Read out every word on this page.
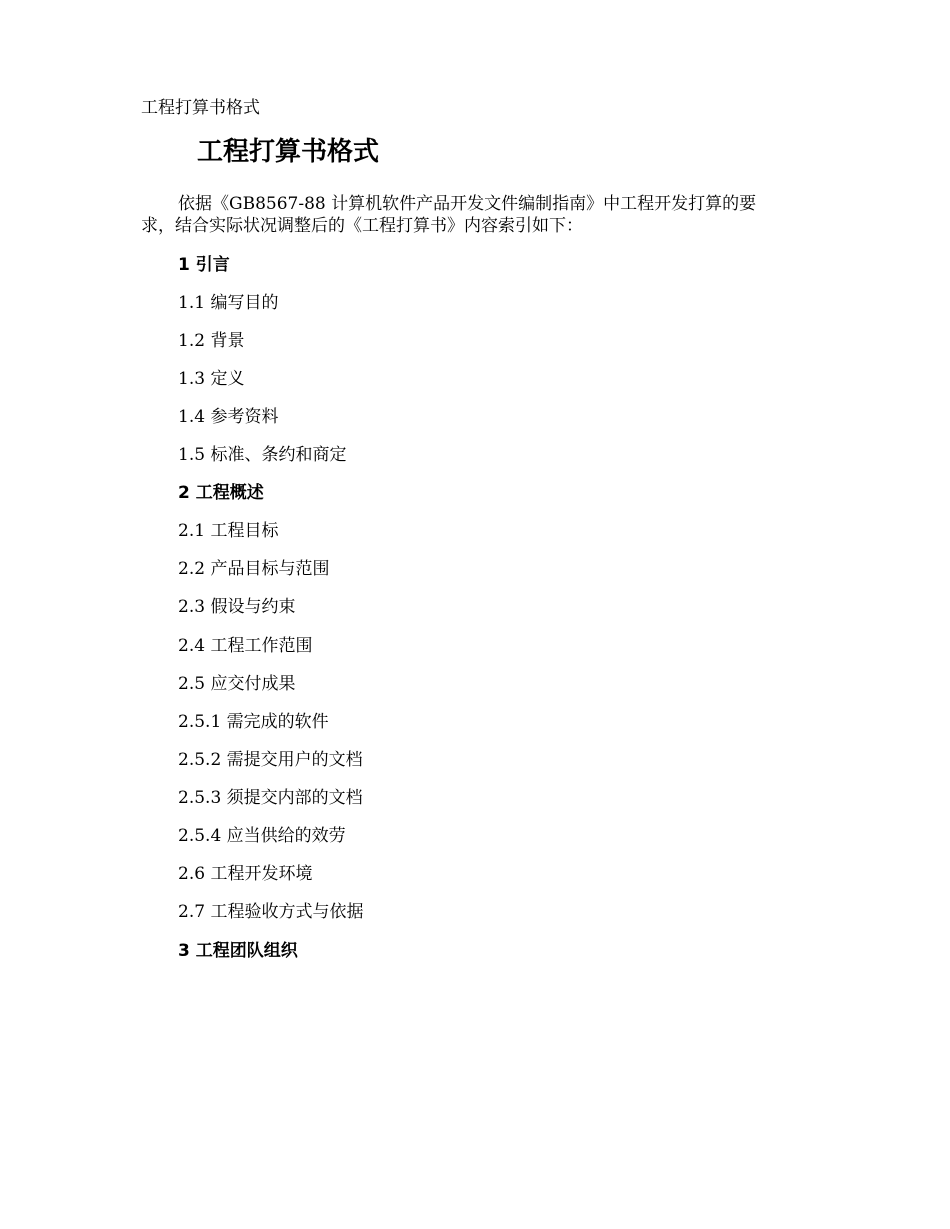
工程打算书格式
工程打算书格式
依据《GB8567-88 计算机软件产品开发文件编制指南》中工程开发打算的要
求，结合实际状况调整后的《工程打算书》内容索引如下：
1 引言
1.1 编写目的
1.2 背景
1.3 定义
1.4 参考资料
1.5 标准、条约和商定
2 工程概述
2.1 工程目标
2.2 产品目标与范围
2.3 假设与约束
2.4 工程工作范围
2.5 应交付成果
2.5.1 需完成的软件
2.5.2 需提交用户的文档
2.5.3 须提交内部的文档
2.5.4 应当供给的效劳
2.6 工程开发环境
2.7 工程验收方式与依据
3 工程团队组织
